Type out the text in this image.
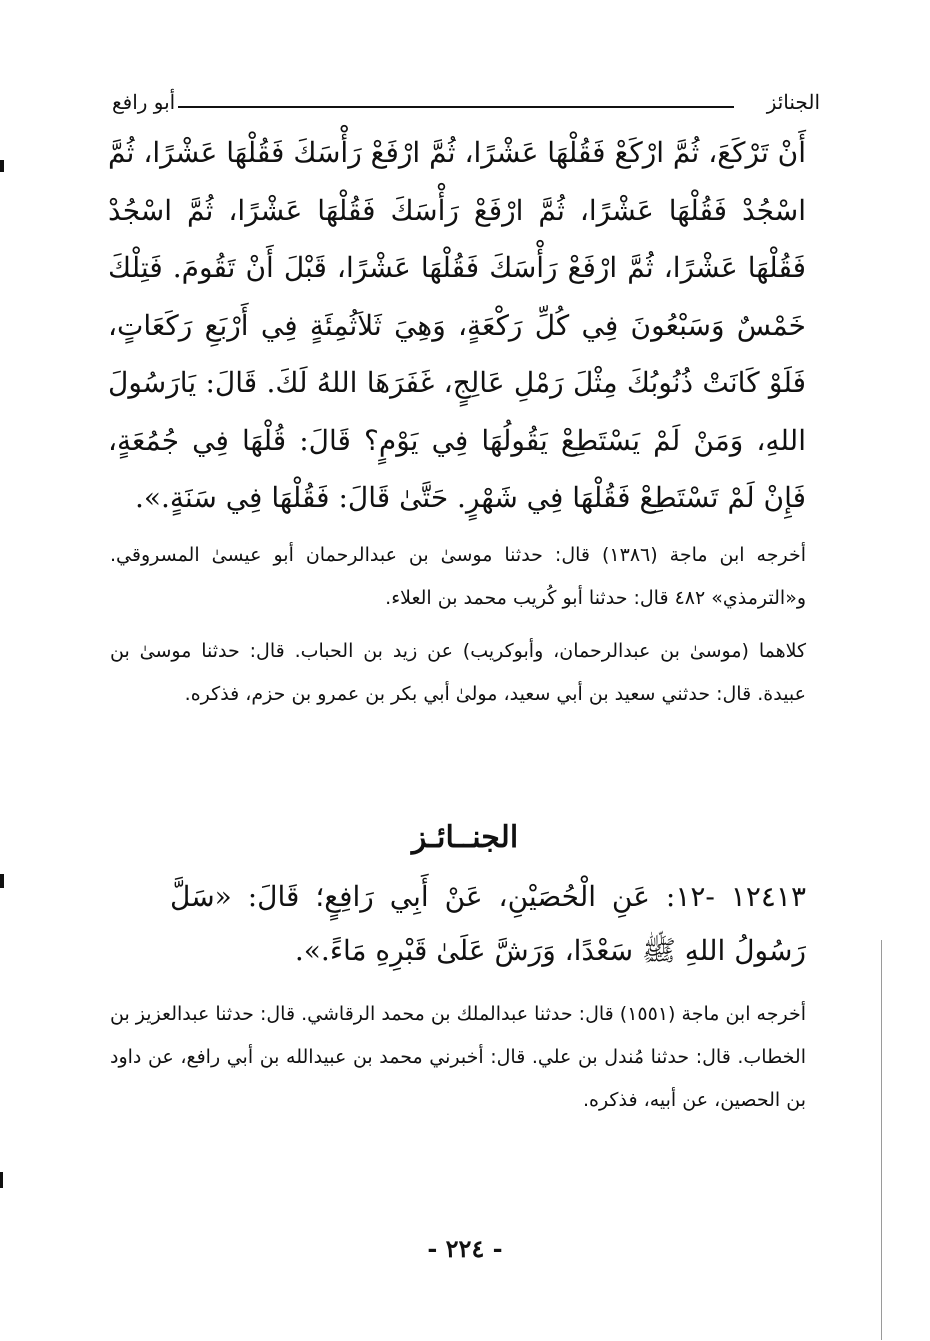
الجنائز
أبو رافع

أَنْ تَرْكَعَ، ثُمَّ ارْكَعْ فَقُلْهَا عَشْرًا، ثُمَّ ارْفَعْ رَأْسَكَ فَقُلْهَا عَشْرًا، ثُمَّ اسْجُدْ فَقُلْهَا عَشْرًا، ثُمَّ ارْفَعْ رَأْسَكَ فَقُلْهَا عَشْرًا، ثُمَّ اسْجُدْ فَقُلْهَا عَشْرًا، ثُمَّ ارْفَعْ رَأْسَكَ فَقُلْهَا عَشْرًا، قَبْلَ أَنْ تَقُومَ. فَتِلْكَ خَمْسٌ وَسَبْعُونَ فِي كُلِّ رَكْعَةٍ، وَهِيَ ثَلاَثُمِئَةٍ فِي أَرْبَعِ رَكَعَاتٍ، فَلَوْ كَانَتْ ذُنُوبُكَ مِثْلَ رَمْلِ عَالِجٍ، غَفَرَهَا اللهُ لَكَ. قَالَ: يَارَسُولَ اللهِ، وَمَنْ لَمْ يَسْتَطِعْ يَقُولُهَا فِي يَوْمٍ؟ قَالَ: قُلْهَا فِي جُمُعَةٍ، فَإِنْ لَمْ تَسْتَطِعْ فَقُلْهَا فِي شَهْرٍ. حَتَّىٰ قَالَ: فَقُلْهَا فِي سَنَةٍ.».

أخرجه ابن ماجة (١٣٨٦) قال: حدثنا موسىٰ بن عبدالرحمان أبو عيسىٰ المسروقي. و«الترمذي» ٤٨٢ قال: حدثنا أبو كُريب محمد بن العلاء.

كلاهما (موسىٰ بن عبدالرحمان، وأبوكريب) عن زيد بن الحباب. قال: حدثنا موسىٰ بن عبيدة. قال: حدثني سعيد بن أبي سعيد، مولىٰ أبي بكر بن عمرو بن حزم، فذكره.

الجنــائـز

١٢٤١٣ -١٢: عَنِ الْحُصَيْنِ، عَنْ أَبِي رَافِعٍ؛ قَالَ: «سَلَّ رَسُولُ اللهِ ﷺ سَعْدًا، وَرَشَّ عَلَىٰ قَبْرِهِ مَاءً.».

أخرجه ابن ماجة (١٥٥١) قال: حدثنا عبدالملك بن محمد الرقاشي. قال: حدثنا عبدالعزيز بن الخطاب. قال: حدثنا مُندل بن علي. قال: أخبرني محمد بن عبيدالله بن أبي رافع، عن داود بن الحصين، عن أبيه، فذكره.

- ٢٢٤ -
